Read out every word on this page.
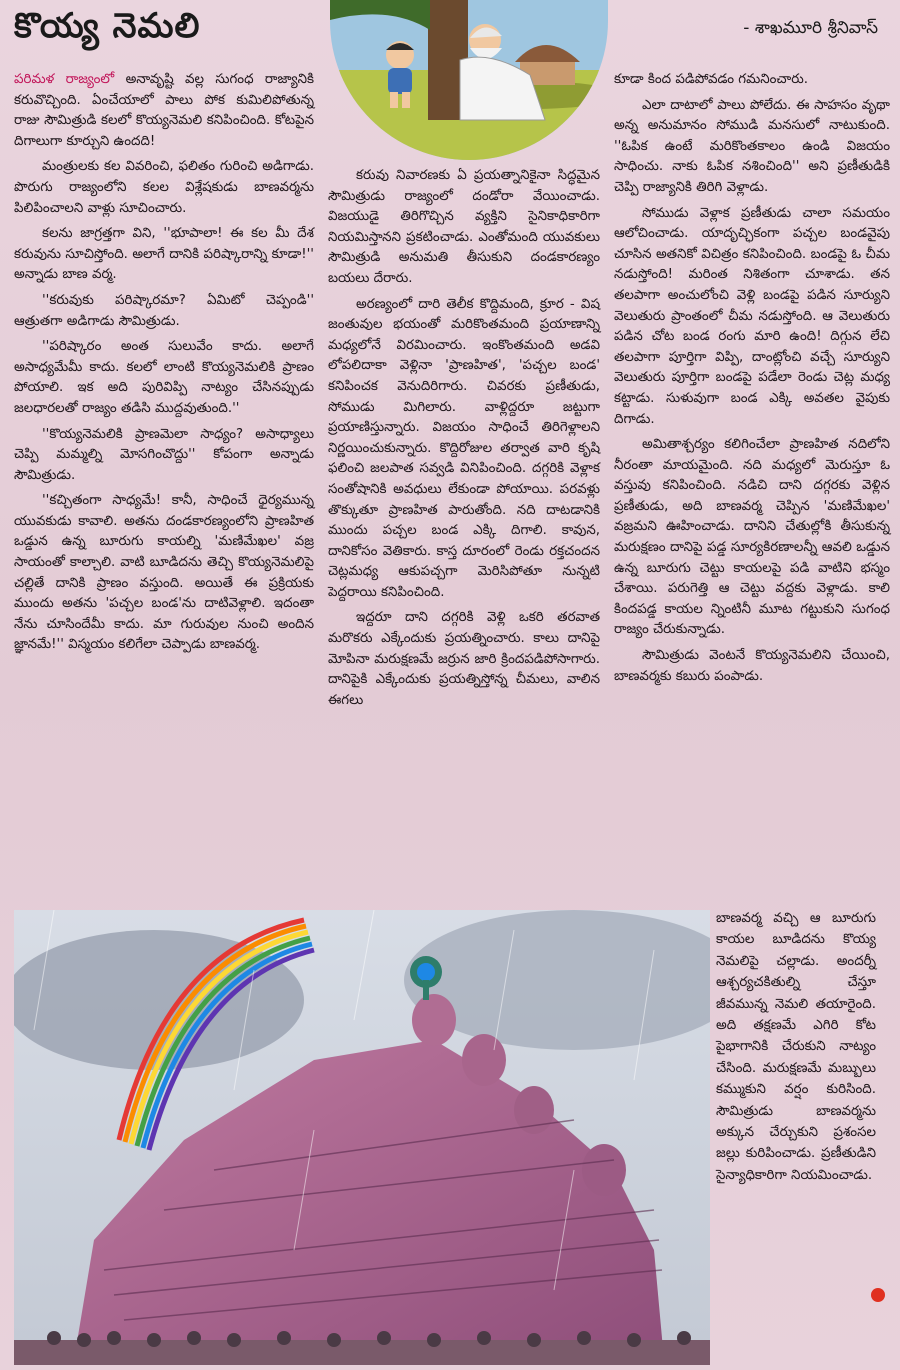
కొయ్య నెమలి	- శాఖమూరి శ్రీనివాస్

పరిమళ రాజ్యంలో అనావృష్టి వల్ల సుగంధ రాజ్యానికి కరువొచ్చింది. ఏంచేయాలో పాలు పోక కుమిలిపోతున్న రాజు సౌమిత్రుడి కలలో కొయ్యనెమలి కనిపించింది. కోటపైన దిగాలుగా కూర్చుని ఉందది!

మంత్రులకు కల వివరించి, ఫలితం గురించి అడిగాడు. పొరుగు రాజ్యంలోని కలల విశ్లేషకుడు బాణవర్మను పిలిపించాలని వాళ్లు సూచించారు.

కలను జాగ్రత్తగా విని, ''భూపాలా! ఈ కల మీ దేశ కరువును సూచిస్తోంది. అలాగే దానికి పరిష్కారాన్ని కూడా!'' అన్నాడు బాణ వర్మ.

''కరువుకు పరిష్కారమా? ఏమిటో చెప్పండి'' ఆత్రుతగా అడిగాడు సౌమిత్రుడు.

''పరిష్కారం అంత సులువేం కాదు. అలాగే అసాధ్యమేమీ కాదు. కలలో లాంటి కొయ్యనెమలికి ప్రాణం పోయాలి. ఇక అది పురివిప్పి నాట్యం చేసినప్పుడు జలధారలతో రాజ్యం తడిసి ముద్దవుతుంది.''

''కొయ్యనెమలికి ప్రాణమెలా సాధ్యం? అసాధ్యాలు చెప్పి మమ్మల్ని మోసగించొద్దు'' కోపంగా అన్నాడు సౌమిత్రుడు.

''కచ్చితంగా సాధ్యమే! కానీ, సాధించే ధైర్యమున్న యువకుడు కావాలి. అతను దండకారణ్యంలోని ప్రాణహిత ఒడ్డున ఉన్న బూరుగు కాయల్ని 'మణిమేఖల' వజ్ర సాయంతో కాల్చాలి. వాటి బూడిదను తెచ్చి కొయ్యనెమలిపై చల్లితే దానికి ప్రాణం వస్తుంది. అయితే ఈ ప్రక్రియకు ముందు అతను 'పచ్చల బండ'ను దాటివెళ్లాలి. ఇదంతా నేను చూసిందేమీ కాదు. మా గురువుల నుంచి అందిన జ్ఞానమే!'' విస్మయం కలిగేలా చెప్పాడు బాణవర్మ.

కరువు నివారణకు ఏ ప్రయత్నానికైనా సిద్ధమైన సౌమిత్రుడు రాజ్యంలో దండోరా వేయించాడు. విజయుడై తిరిగొచ్చిన వ్యక్తిని సైనికాధికారిగా నియమిస్తానని ప్రకటించాడు. ఎంతోమంది యువకులు సౌమిత్రుడి అనుమతి తీసుకుని దండకారణ్యం బయలు దేరారు.

అరణ్యంలో దారి తెలీక కొద్దిమంది, క్రూర - విష జంతువుల భయంతో మరికొంతమంది ప్రయాణాన్ని మధ్యలోనే విరమించారు. ఇంకొంతమంది అడవి లోపలిదాకా వెళ్లినా 'ప్రాణహిత', 'పచ్చల బండ' కనిపించక వెనుదిరిగారు. చివరకు ప్రణీతుడు, సోముడు మిగిలారు. వాళ్లిద్దరూ జట్టుగా ప్రయాణిస్తున్నారు. విజయం సాధించే తిరిగెళ్లాలని నిర్ణయించుకున్నారు. కొద్దిరోజుల తర్వాత వారి కృషి ఫలించి జలపాత సవ్వడి వినిపించింది. దగ్గరికి వెళ్లాక సంతోషానికి అవధులు లేకుండా పోయాయి. పరవళ్లు తొక్కుతూ ప్రాణహిత పారుతోంది. నది దాటడానికి ముందు పచ్చల బండ ఎక్కి దిగాలి. కావున, దానికోసం వెతికారు. కాస్త దూరంలో రెండు రక్తచందన చెట్లమధ్య ఆకుపచ్చగా మెరిసిపోతూ నున్నటి పెద్దరాయి కనిపించింది.

ఇద్దరూ దాని దగ్గరికి వెళ్లి ఒకరి తరవాత మరొకరు ఎక్కేందుకు ప్రయత్నించారు. కాలు దానిపై మోపినా మరుక్షణమే జర్రున జారి క్రిందపడిపోసాగారు. దానిపైకి ఎక్కేందుకు ప్రయత్నిస్తోన్న చీమలు, వాలిన ఈగలు

కూడా కింద పడిపోవడం గమనించారు.

ఎలా దాటాలో పాలు పోలేదు. ఈ సాహసం వృథా అన్న అనుమానం సోముడి మనసులో నాటుకుంది. ''ఓపిక ఉంటే మరికొంతకాలం ఉండి విజయం సాధించు. నాకు ఓపిక నశించింది'' అని ప్రణీతుడికి చెప్పి రాజ్యానికి తిరిగి వెళ్లాడు.

సోముడు వెళ్లాక ప్రణీతుడు చాలా సమయం ఆలోచించాడు. యాదృచ్ఛికంగా పచ్చల బండవైపు చూసిన అతనికో విచిత్రం కనిపించింది. బండపై ఓ చీమ నడుస్తోంది! మరింత నిశితంగా చూశాడు. తన తలపాగా అంచులోంచి వెళ్లి బండపై పడిన సూర్యుని వెలుతురు ప్రాంతంలో చీమ నడుస్తోంది. ఆ వెలుతురు పడిన చోట బండ రంగు మారి ఉంది! దిగ్గున లేచి తలపాగా పూర్తిగా విప్పి, దాంట్లోంచి వచ్చే సూర్యుని వెలుతురు పూర్తిగా బండపై పడేలా రెండు చెట్ల మధ్య కట్టాడు. సుళువుగా బండ ఎక్కి అవతల వైపుకు దిగాడు.

అమితాశ్చర్యం కలిగించేలా ప్రాణహిత నదిలోని నీరంతా మాయమైంది. నది మధ్యలో మెరుస్తూ ఓ వస్తువు కనిపించింది. నడిచి దాని దగ్గరకు వెళ్లిన ప్రణీతుడు, అది బాణవర్మ చెప్పిన 'మణిమేఖల' వజ్రమని ఊహించాడు. దానిని చేతుల్లోకి తీసుకున్న మరుక్షణం దానిపై పడ్డ సూర్యకిరణాలన్నీ ఆవలి ఒడ్డున ఉన్న బూరుగు చెట్టు కాయలపై పడి వాటిని భస్మం చేశాయి. పరుగెత్తి ఆ చెట్టు వద్దకు వెళ్లాడు. కాలి కిందపడ్డ కాయల న్నింటినీ మూట గట్టుకుని సుగంధ రాజ్యం చేరుకున్నాడు.

సౌమిత్రుడు వెంటనే కొయ్యనెమలిని చేయించి, బాణవర్మకు కబురు పంపాడు.

బాణవర్మ వచ్చి ఆ బూరుగు కాయల బూడిదను కొయ్య నెమలిపై చల్లాడు. అందర్నీ ఆశ్చర్యచకితుల్ని చేస్తూ జీవమున్న నెమలి తయారైంది. అది తక్షణమే ఎగిరి కోట పైభాగానికి చేరుకుని నాట్యం చేసింది. మరుక్షణమే మబ్బులు కమ్ముకుని వర్షం కురిసింది. సౌమిత్రుడు బాణవర్మను అక్కున చేర్చుకుని ప్రశంసల జల్లు కురిపించాడు. ప్రణీతుడిని సైన్యాధికారిగా నియమించాడు.
